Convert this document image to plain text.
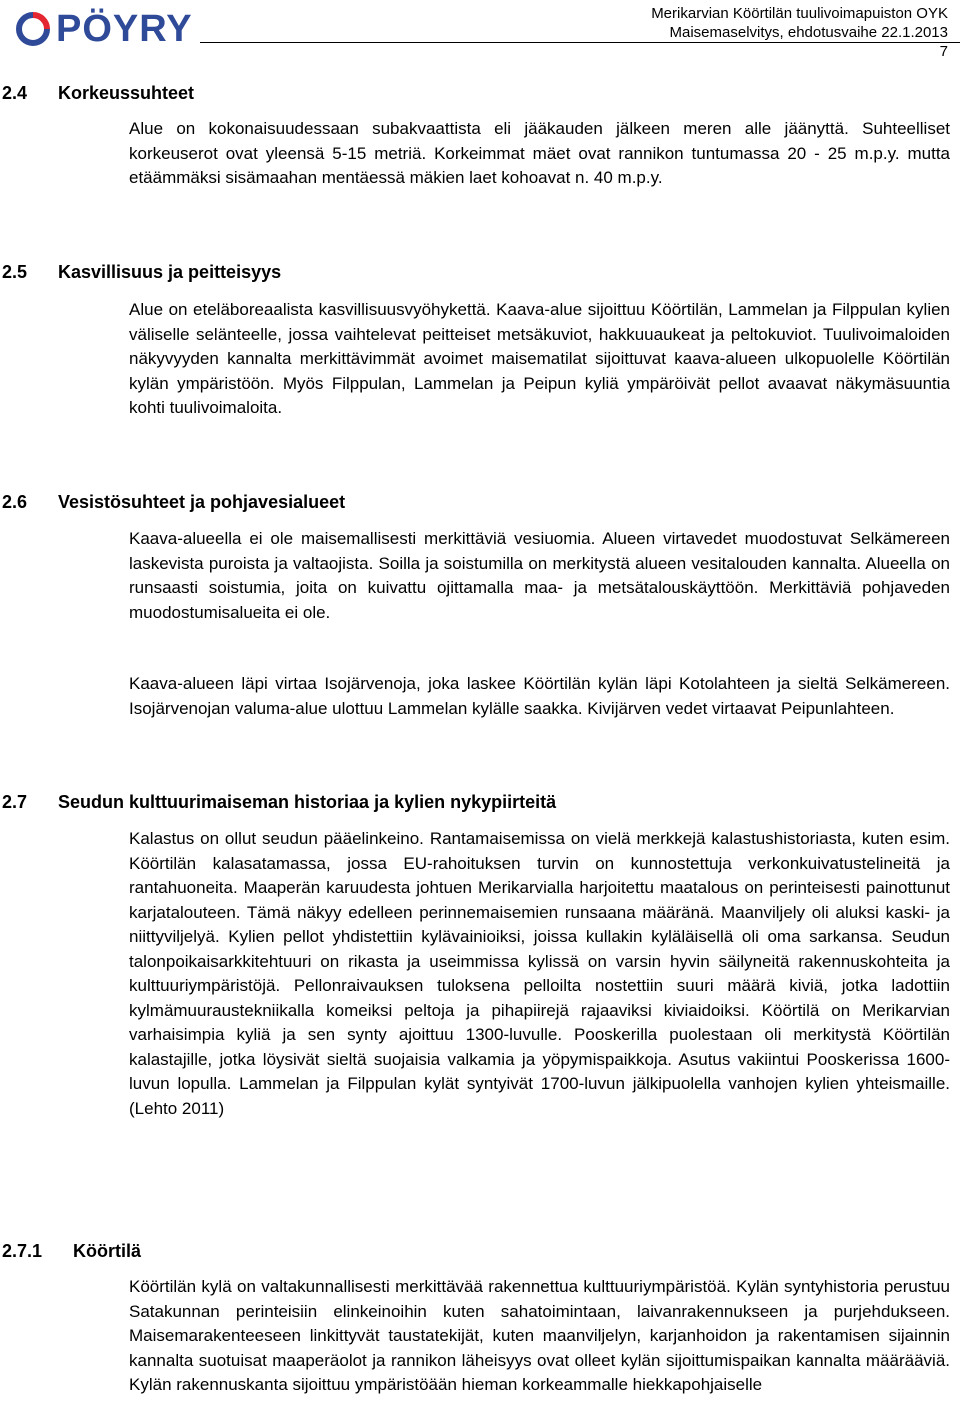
PÖYRY	Merikarvian Köörtilän tuulivoimapuiston OYK
Maisemaselvitys, ehdotusvaihe 22.1.2013
7
2.4 Korkeussuhteet

Alue on kokonaisuudessaan subakvaattista eli jääkauden jälkeen meren alle jäänyttä. Suhteelliset korkeuserot ovat yleensä 5-15 metriä. Korkeimmat mäet ovat rannikon tuntumassa 20 - 25 m.p.y. mutta etäämmäksi sisämaahan mentäessä mäkien laet kohoavat n. 40 m.p.y.

2.5 Kasvillisuus ja peitteisyys

Alue on eteläboreaalista kasvillisuusvyöhykettä. Kaava-alue sijoittuu Köörtilän, Lammelan ja Filppulan kylien väliselle selänteelle, jossa vaihtelevat peitteiset metsäkuviot, hakkuuaukeat ja peltokuviot. Tuulivoimaloiden näkyvyyden kannalta merkittävimmät avoimet maisematilat sijoittuvat kaava-alueen ulkopuolelle Köörtilän kylän ympäristöön. Myös Filppulan, Lammelan ja Peipun kyliä ympäröivät pellot avaavat näkymäsuuntia kohti tuulivoimaloita.

2.6 Vesistösuhteet ja pohjavesialueet

Kaava-alueella ei ole maisemallisesti merkittäviä vesiuomia. Alueen virtavedet muodostuvat Selkämereen laskevista puroista ja valtaojista. Soilla ja soistumilla on merkitystä alueen vesitalouden kannalta. Alueella on runsaasti soistumia, joita on kuivattu ojittamalla maa- ja metsätalouskäyttöön. Merkittäviä pohjaveden muodostumisalueita ei ole.

Kaava-alueen läpi virtaa Isojärvenoja, joka laskee Köörtilän kylän läpi Kotolahteen ja sieltä Selkämereen. Isojärvenojan valuma-alue ulottuu Lammelan kylälle saakka. Kivijärven vedet virtaavat Peipunlahteen.

2.7 Seudun kulttuurimaiseman historiaa ja kylien nykypiirteitä

Kalastus on ollut seudun pääelinkeino. Rantamaisemissa on vielä merkkejä kalastushistoriasta, kuten esim. Köörtilän kalasatamassa, jossa EU-rahoituksen turvin on kunnostettuja verkonkuivatustelineitä ja rantahuoneita. Maaperän karuudesta johtuen Merikarvialla harjoitettu maatalous on perinteisesti painottunut karjatalouteen. Tämä näkyy edelleen perinnemaisemien runsaana määränä. Maanviljely oli aluksi kaski- ja niittyviljelyä. Kylien pellot yhdistettiin kylävainioiksi, joissa kullakin kyläläisellä oli oma sarkansa. Seudun talonpoikaisarkkitehtuuri on rikasta ja useimmissa kylissä on varsin hyvin säilyneitä rakennuskohteita ja kulttuuriympäristöjä. Pellonraivauksen tuloksena pelloilta nostettiin suuri määrä kiviä, jotka ladottiin kylmämuuraustekniikalla komeiksi peltoja ja pihapiirejä rajaaviksi kiviaidoiksi. Köörtilä on Merikarvian varhaisimpia kyliä ja sen synty ajoittuu 1300-luvulle. Pooskerilla puolestaan oli merkitystä Köörtilän kalastajille, jotka löysivät sieltä suojaisia valkamia ja yöpymispaikkoja. Asutus vakiintui Pooskerissa 1600-luvun lopulla. Lammelan ja Filppulan kylät syntyivät 1700-luvun jälkipuolella vanhojen kylien yhteismaille. (Lehto 2011)

2.7.1 Köörtilä

Köörtilän kylä on valtakunnallisesti merkittävää rakennettua kulttuuriympäristöä. Kylän syntyhistoria perustuu Satakunnan perinteisiin elinkeinoihin kuten sahatoimintaan, laivanrakennukseen ja purjehdukseen. Maisemarakenteeseen linkittyvät taustatekijät, kuten maanviljelyn, karjanhoidon ja rakentamisen sijainnin kannalta suotuisat maaperäolot ja rannikon läheisyys ovat olleet kylän sijoittumispaikan kannalta määrääviä. Kylän rakennuskanta sijoittuu ympäristöään hieman korkeammalle hiekkapohjaiselle
